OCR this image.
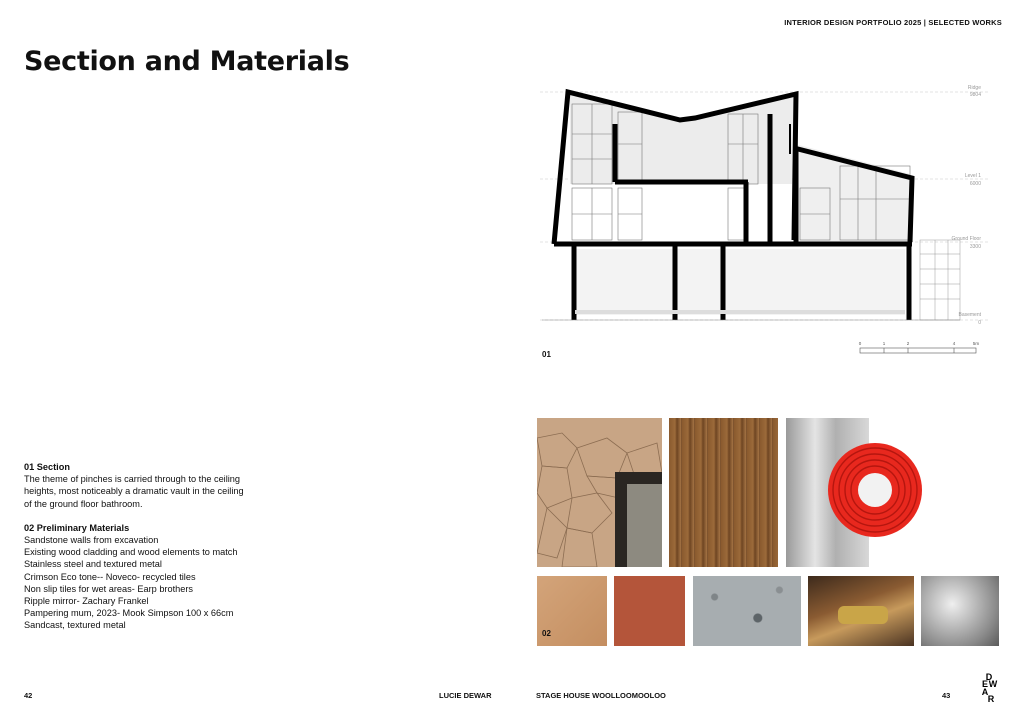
INTERIOR DESIGN PORTFOLIO 2025 | SELECTED WORKS
Section and Materials
Ridge
9804
Level 1
6000
Ground Floor
3300
Basement
0
01
0	1	2	4	5m
02
01 Section
The theme of pinches is carried through to the ceiling
heights, most noticeably a dramatic vault in the ceiling
of the ground floor bathroom.
02 Preliminary Materials
Sandstone walls from excavation
Existing wood cladding and wood elements to match
Stainless steel and textured metal
Crimson Eco tone-- Noveco- recycled tiles
Non slip tiles for wet areas- Earp brothers
Ripple mirror- Zachary Frankel
Pampering mum, 2023- Mook Simpson 100 x 66cm
Sandcast, textured metal
42	LUCIE DEWAR	STAGE HOUSE WOOLLOOMOOLOO	43
D
E W
A
R
